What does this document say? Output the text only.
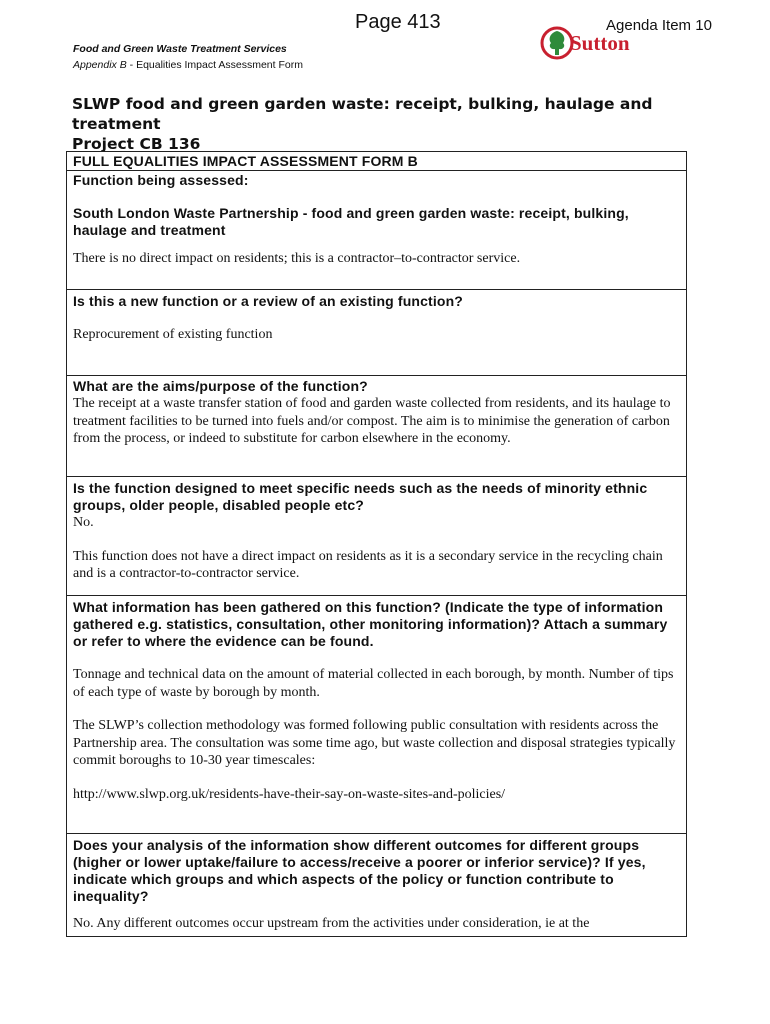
Page 413	Agenda Item 10
Sutton
Food and Green Waste Treatment Services
Appendix B - Equalities Impact Assessment Form
SLWP food and green garden waste: receipt, bulking, haulage and treatment
Project CB 136
FULL EQUALITIES IMPACT ASSESSMENT FORM B
Function being assessed:
South London Waste Partnership - food and green garden waste: receipt, bulking, haulage and treatment
There is no direct impact on residents; this is a contractor–to-contractor service.
Is this a new function or a review of an existing function?
Reprocurement of existing function
What are the aims/purpose of the function?
The receipt at a waste transfer station of food and garden waste collected from residents, and its haulage to treatment facilities to be turned into fuels and/or compost. The aim is to minimise the generation of carbon from the process, or indeed to substitute for carbon elsewhere in the economy.
Is the function designed to meet specific needs such as the needs of minority ethnic groups, older people, disabled people etc?
No.
This function does not have a direct impact on residents as it is a secondary service in the recycling chain and is a contractor-to-contractor service.
What information has been gathered on this function? (Indicate the type of information gathered e.g. statistics, consultation, other monitoring information)? Attach a summary or refer to where the evidence can be found.
Tonnage and technical data on the amount of material collected in each borough, by month. Number of tips of each type of waste by borough by month.
The SLWP’s collection methodology was formed following public consultation with residents across the Partnership area. The consultation was some time ago, but waste collection and disposal strategies typically commit boroughs to 10-30 year timescales:
http://www.slwp.org.uk/residents-have-their-say-on-waste-sites-and-policies/
Does your analysis of the information show different outcomes for different groups (higher or lower uptake/failure to access/receive a poorer or inferior service)? If yes, indicate which groups and which aspects of the policy or function contribute to inequality?
No. Any different outcomes occur upstream from the activities under consideration, ie at the
